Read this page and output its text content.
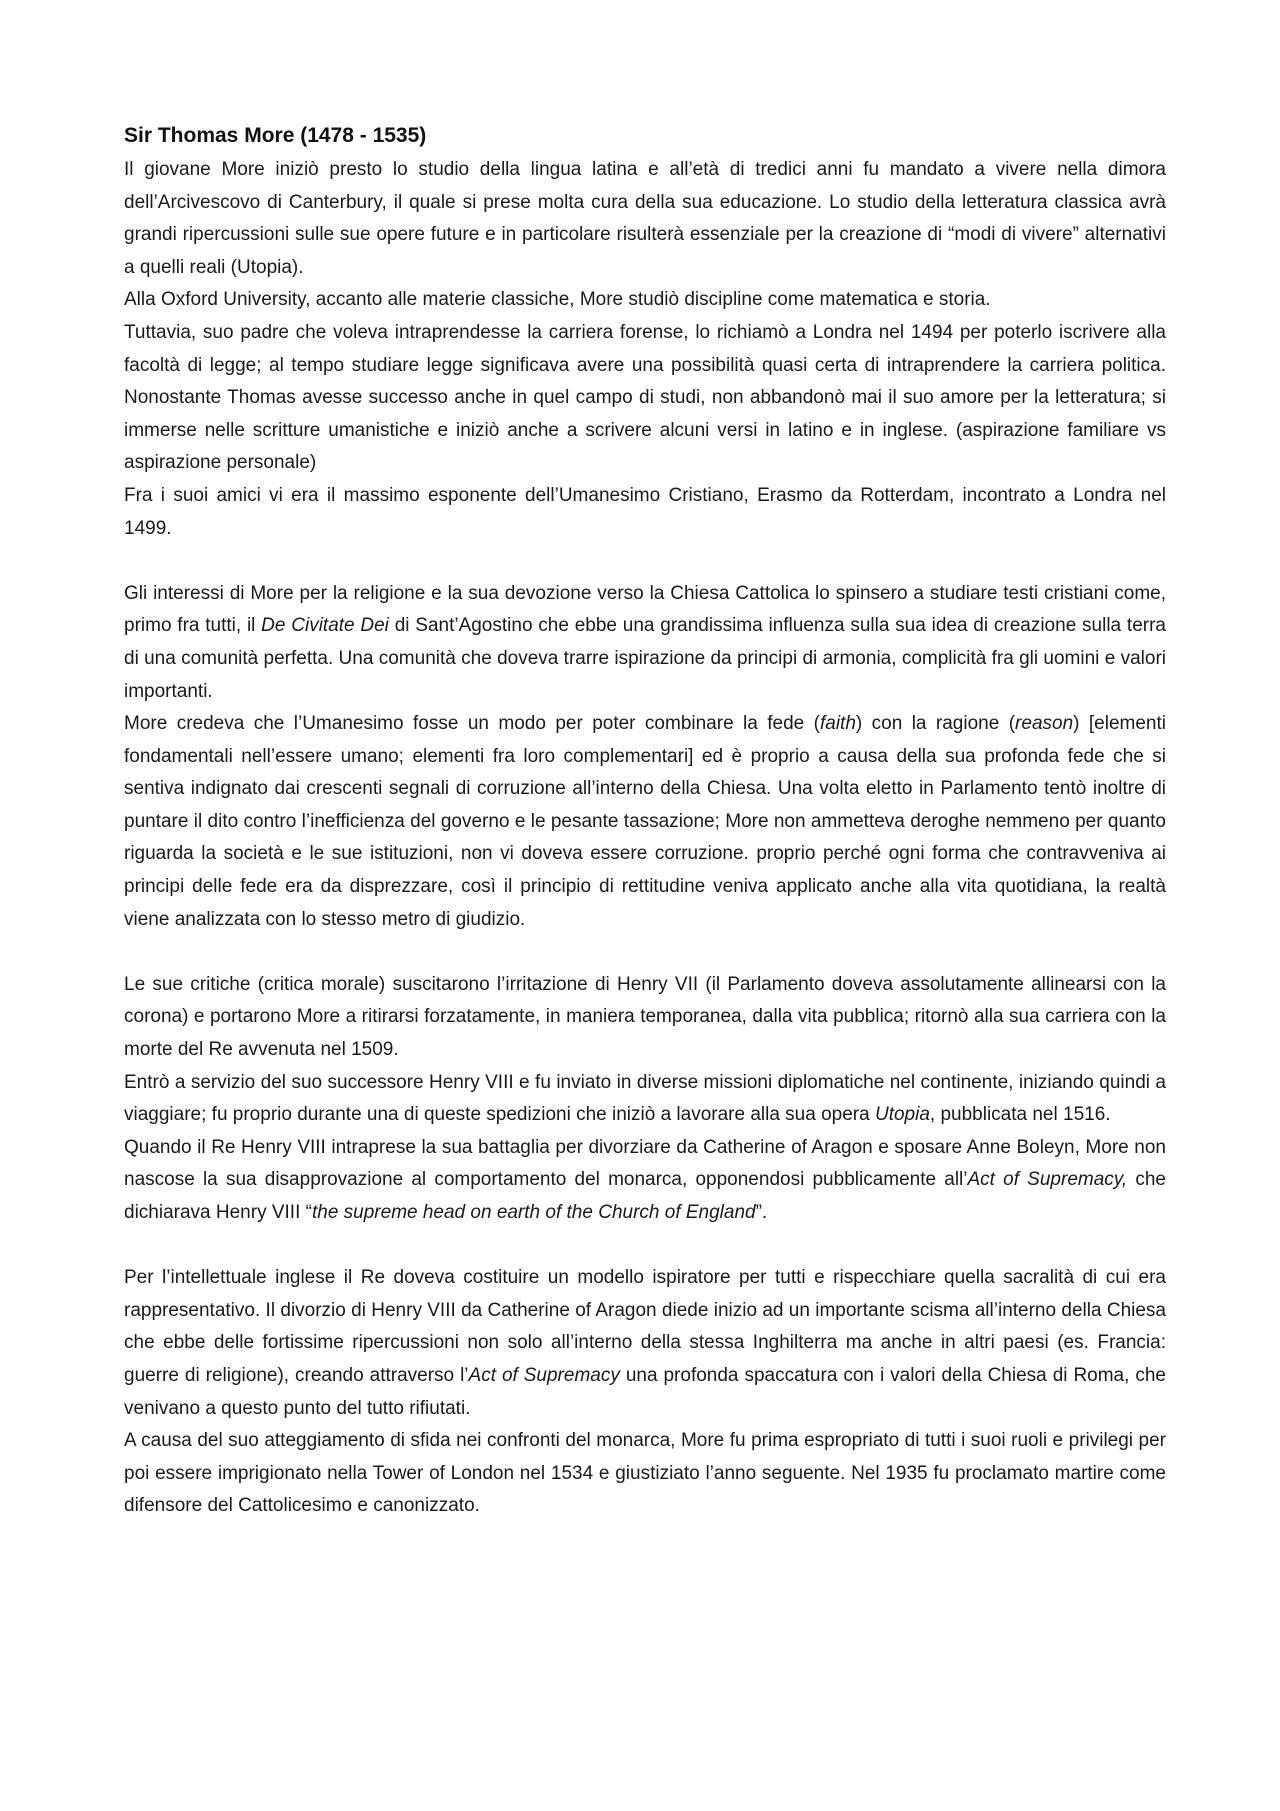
Sir Thomas More (1478 - 1535)

Il giovane More iniziò presto lo studio della lingua latina e all’età di tredici anni fu mandato a vivere nella dimora dell’Arcivescovo di Canterbury, il quale si prese molta cura della sua educazione. Lo studio della letteratura classica avrà grandi ripercussioni sulle sue opere future e in particolare risulterà essenziale per la creazione di “modi di vivere” alternativi a quelli reali (Utopia).

Alla Oxford University, accanto alle materie classiche, More studiò discipline come matematica e storia.

Tuttavia, suo padre che voleva intraprendesse la carriera forense, lo richiamò a Londra nel 1494 per poterlo iscrivere alla facoltà di legge; al tempo studiare legge significava avere una possibilità quasi certa di intraprendere la carriera politica. Nonostante Thomas avesse successo anche in quel campo di studi, non abbandonò mai il suo amore per la letteratura; si immerse nelle scritture umanistiche e iniziò anche a scrivere alcuni versi in latino e in inglese. (aspirazione familiare vs aspirazione personale)

Fra i suoi amici vi era il massimo esponente dell’Umanesimo Cristiano, Erasmo da Rotterdam, incontrato a Londra nel 1499.

Gli interessi di More per la religione e la sua devozione verso la Chiesa Cattolica lo spinsero a studiare testi cristiani come, primo fra tutti, il De Civitate Dei di Sant’Agostino che ebbe una grandissima influenza sulla sua idea di creazione sulla terra di una comunità perfetta. Una comunità che doveva trarre ispirazione da principi di armonia, complicità fra gli uomini e valori importanti.

More credeva che l’Umanesimo fosse un modo per poter combinare la fede (faith) con la ragione (reason) [elementi fondamentali nell’essere umano; elementi fra loro complementari] ed è proprio a causa della sua profonda fede che si sentiva indignato dai crescenti segnali di corruzione all’interno della Chiesa. Una volta eletto in Parlamento tentò inoltre di puntare il dito contro l’inefficienza del governo e le pesante tassazione; More non ammetteva deroghe nemmeno per quanto riguarda la società e le sue istituzioni, non vi doveva essere corruzione. proprio perché ogni forma che contravveniva ai principi delle fede era da disprezzare, così il principio di rettitudine veniva applicato anche alla vita quotidiana, la realtà viene analizzata con lo stesso metro di giudizio.

Le sue critiche (critica morale) suscitarono l’irritazione di Henry VII (il Parlamento doveva assolutamente allinearsi con la corona) e portarono More a ritirarsi forzatamente, in maniera temporanea, dalla vita pubblica; ritornò alla sua carriera con la morte del Re avvenuta nel 1509.

Entrò a servizio del suo successore Henry VIII e fu inviato in diverse missioni diplomatiche nel continente, iniziando quindi a viaggiare; fu proprio durante una di queste spedizioni che iniziò a lavorare alla sua opera Utopia, pubblicata nel 1516.

Quando il Re Henry VIII intraprese la sua battaglia per divorziare da Catherine of Aragon e sposare Anne Boleyn, More non nascose la sua disapprovazione al comportamento del monarca, opponendosi pubblicamente all’Act of Supremacy, che dichiarava Henry VIII “the supreme head on earth of the Church of England”.

Per l’intellettuale inglese il Re doveva costituire un modello ispiratore per tutti e rispecchiare quella sacralità di cui era rappresentativo. Il divorzio di Henry VIII da Catherine of Aragon diede inizio ad un importante scisma all’interno della Chiesa che ebbe delle fortissime ripercussioni non solo all’interno della stessa Inghilterra ma anche in altri paesi (es. Francia: guerre di religione), creando attraverso l’Act of Supremacy una profonda spaccatura con i valori della Chiesa di Roma, che venivano a questo punto del tutto rifiutati.

A causa del suo atteggiamento di sfida nei confronti del monarca, More fu prima espropriato di tutti i suoi ruoli e privilegi per poi essere imprigionato nella Tower of London nel 1534 e giustiziato l’anno seguente. Nel 1935 fu proclamato martire come difensore del Cattolicesimo e canonizzato.
